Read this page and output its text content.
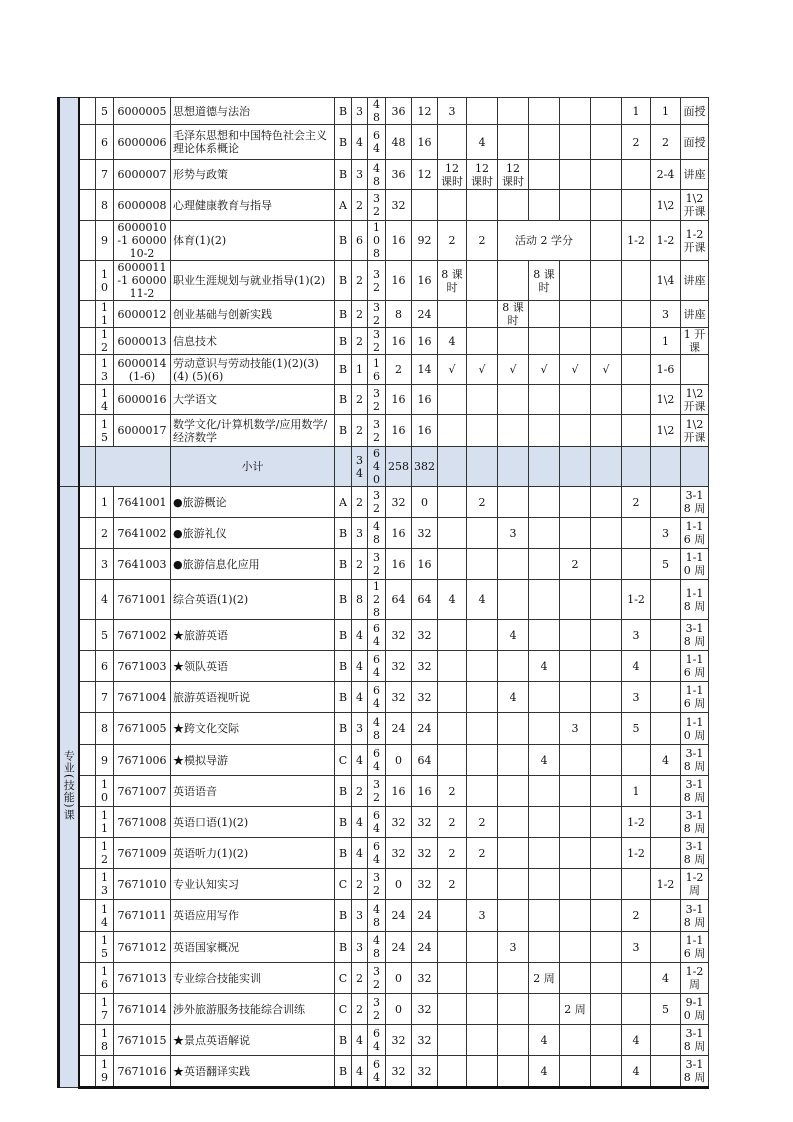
		5	6000005	思想道德与法治	B	3	48	36	12	3						1	1	面授
		6	6000006	毛泽东思想和中国特色社会主义理论体系概论	B	4	64	48	16		4					2	2	面授
		7	6000007	形势与政策	B	3	48	36	12	12 课时	12 课时	12 课时					2-4	讲座
		8	6000008	心理健康教育与指导	A	2	32	32									1\2	1\2 开课
		9	6000010-1 6000010-2	体育(1)(2)	B	6	108	16	92	2	2	活动 2 学分				1-2	1-2	1-2 开课
		10	6000011-1 6000011-2	职业生涯规划与就业指导(1)(2)	B	2	32	16	16	8 课时			8 课时				1\4	讲座
		11	6000012	创业基础与创新实践	B	2	32	8	24			8 课时					3	讲座
		12	6000013	信息技术	B	2	32	16	16	4							1	1 开课
		13	6000014 (1-6)	劳动意识与劳动技能(1)(2)(3)(4) (5)(6)	B	1	16	2	14	√	√	√	√	√	√		1-6	
		14	6000016	大学语文	B	2	32	16	16								1\2	1\2 开课
		15	6000017	数学文化/计算机数学/应用数学/经济数学	B	2	32	16	16								1\2	1\2 开课
				小计		34	640	258	382									
专业(技能)课		1	7641001	●旅游概论	A	2	32	32	0		2					2		3-18 周
		2	7641002	●旅游礼仪	B	3	48	16	32			3					3	1-16 周
		3	7641003	●旅游信息化应用	B	2	32	16	16					2			5	1-10 周
		4	7671001	综合英语(1)(2)	B	8	128	64	64	4	4					1-2		1-18 周
		5	7671002	★旅游英语	B	4	64	32	32			4				3		3-18 周
		6	7671003	★领队英语	B	4	64	32	32				4			4		1-16 周
		7	7671004	旅游英语视听说	B	4	64	32	32			4				3		1-16 周
		8	7671005	★跨文化交际	B	3	48	24	24					3		5		1-10 周
		9	7671006	★模拟导游	C	4	64	0	64				4				4	3-18 周
		10	7671007	英语语音	B	2	32	16	16	2						1		3-18 周
		11	7671008	英语口语(1)(2)	B	4	64	32	32	2	2					1-2		3-18 周
		12	7671009	英语听力(1)(2)	B	4	64	32	32	2	2					1-2		3-18 周
		13	7671010	专业认知实习	C	2	32	0	32	2							1-2	1-2 周
		14	7671011	英语应用写作	B	3	48	24	24		3					2		3-18 周
		15	7671012	英语国家概况	B	3	48	24	24			3				3		1-16 周
		16	7671013	专业综合技能实训	C	2	32	0	32				2 周				4	1-2 周
		17	7671014	涉外旅游服务技能综合训练	C	2	32	0	32					2 周			5	9-10 周
		18	7671015	★景点英语解说	B	4	64	32	32				4			4		3-18 周
		19	7671016	★英语翻译实践	B	4	64	32	32				4			4		3-18 周
